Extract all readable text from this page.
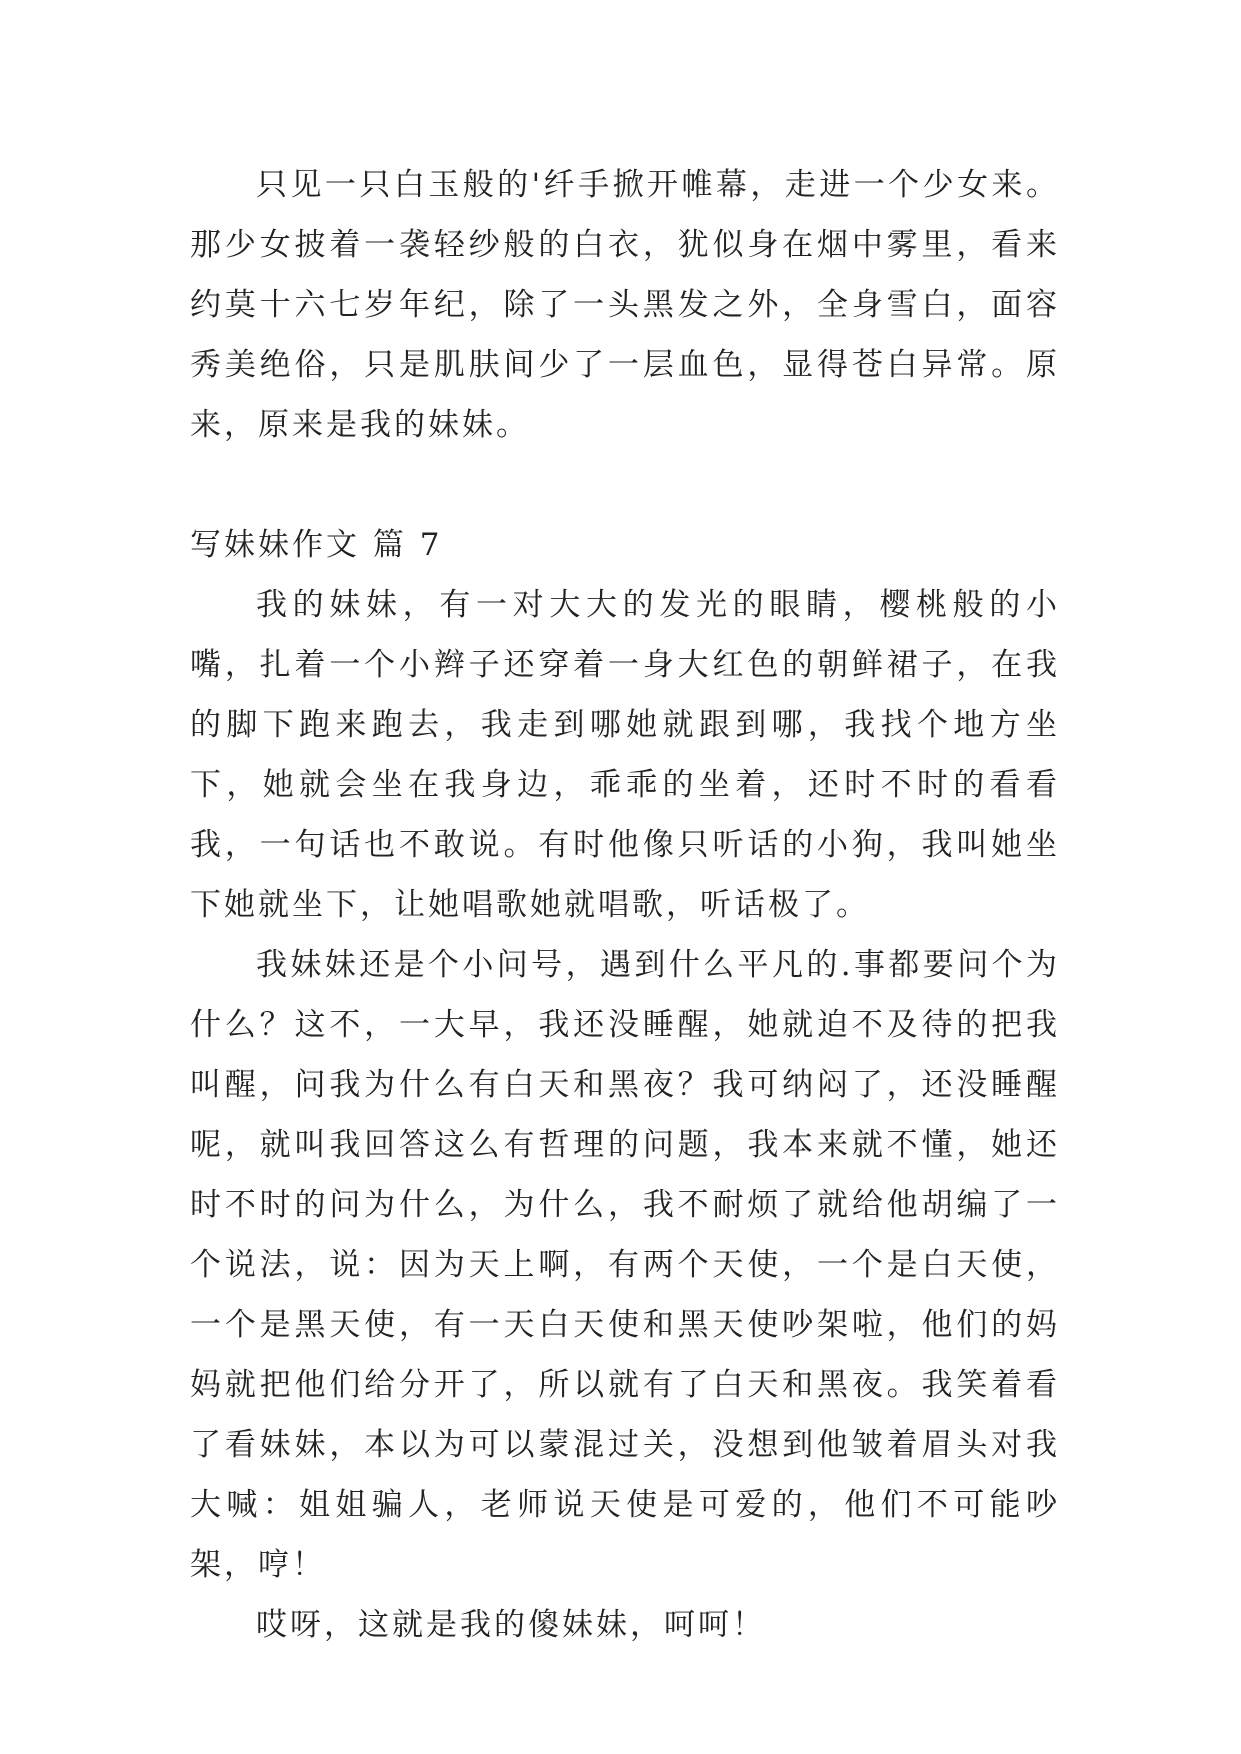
只见一只白玉般的'纤手掀开帷幕，走进一个少女来。那少女披着一袭轻纱般的白衣，犹似身在烟中雾里，看来约莫十六七岁年纪，除了一头黑发之外，全身雪白，面容秀美绝俗，只是肌肤间少了一层血色，显得苍白异常。原来，原来是我的妹妹。

写妹妹作文 篇 7

我的妹妹，有一对大大的发光的眼睛，樱桃般的小嘴，扎着一个小辫子还穿着一身大红色的朝鲜裙子，在我的脚下跑来跑去，我走到哪她就跟到哪，我找个地方坐下，她就会坐在我身边，乖乖的坐着，还时不时的看看我，一句话也不敢说。有时他像只听话的小狗，我叫她坐下她就坐下，让她唱歌她就唱歌，听话极了。

我妹妹还是个小问号，遇到什么平凡的.事都要问个为什么？这不，一大早，我还没睡醒，她就迫不及待的把我叫醒，问我为什么有白天和黑夜？我可纳闷了，还没睡醒呢，就叫我回答这么有哲理的问题，我本来就不懂，她还时不时的问为什么，为什么，我不耐烦了就给他胡编了一个说法，说：因为天上啊，有两个天使，一个是白天使，一个是黑天使，有一天白天使和黑天使吵架啦，他们的妈妈就把他们给分开了，所以就有了白天和黑夜。我笑着看了看妹妹，本以为可以蒙混过关，没想到他皱着眉头对我大喊：姐姐骗人，老师说天使是可爱的，他们不可能吵架，哼！

哎呀，这就是我的傻妹妹，呵呵！
